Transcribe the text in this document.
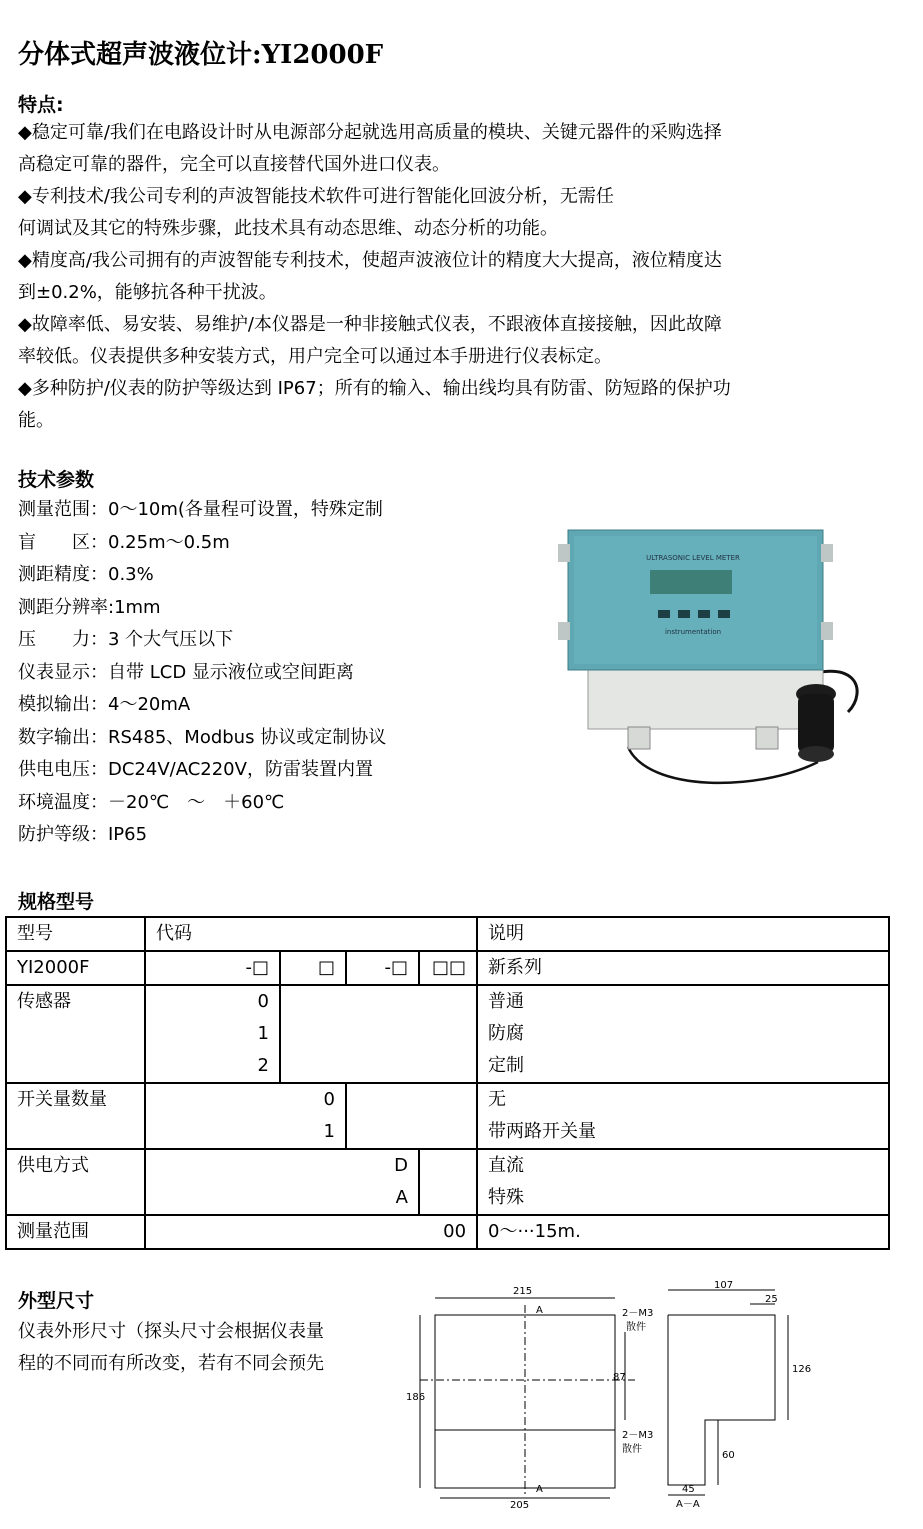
分体式超声波液位计:YI2000F
特点:
◆稳定可靠/我们在电路设计时从电源部分起就选用高质量的模块、关键元器件的采购选择
高稳定可靠的器件，完全可以直接替代国外进口仪表。
◆专利技术/我公司专利的声波智能技术软件可进行智能化回波分析，无需任
何调试及其它的特殊步骤，此技术具有动态思维、动态分析的功能。
◆精度高/我公司拥有的声波智能专利技术，使超声波液位计的精度大大提高，液位精度达
到±0.2%，能够抗各种干扰波。
◆故障率低、易安装、易维护/本仪器是一种非接触式仪表，不跟液体直接接触，因此故障
率较低。仪表提供多种安装方式，用户完全可以通过本手册进行仪表标定。
◆多种防护/仪表的防护等级达到 IP67；所有的输入、输出线均具有防雷、防短路的保护功
能。
技术参数
测量范围：0～10m(各量程可设置，特殊定制
盲　　区：0.25m～0.5m
测距精度：0.3%
测距分辨率:1mm
压　　力：3 个大气压以下
仪表显示：自带 LCD 显示液位或空间距离
模拟输出：4～20mA
数字输出：RS485、Modbus 协议或定制协议
供电电压：DC24V/AC220V，防雷装置内置
环境温度：－20℃　～　＋60℃
防护等级：IP65
ULTRASONIC LEVEL METER
instrumentation
规格型号
型号	代码				说明
YI2000F	-□	□	-□	□□	新系列
传感器	0				普通
	1				防腐
	2				定制
开关量数量	0				无
	1				带两路开关量
供电方式	D				直流
	A				特殊
测量范围	00				0～···15m.
外型尺寸
仪表外形尺寸（探头尺寸会根据仪表量
程的不同而有所改变，若有不同会预先
215
205
186
87
A
A
2－M3
散件
2－M3
散件
107
25
126
60
45
A－A
